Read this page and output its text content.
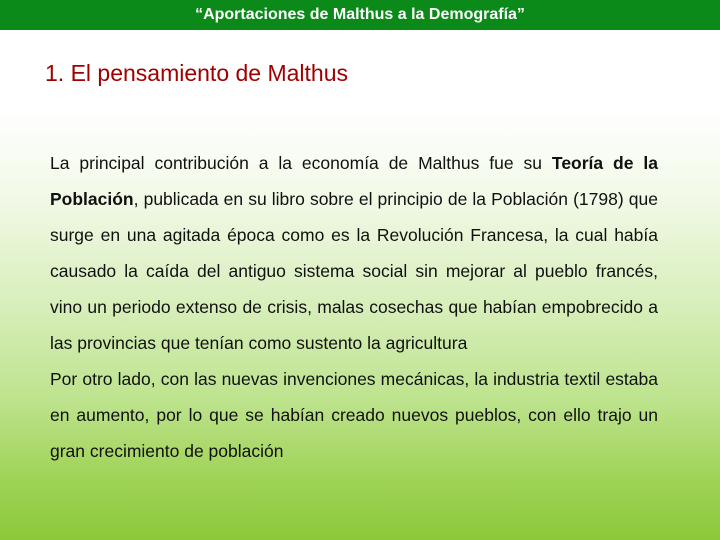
“Aportaciones de Malthus a la Demografía”
1. El pensamiento de Malthus

La principal contribución a la economía de Malthus fue su Teoría de la Población, publicada en su libro sobre el principio de la Población (1798) que surge en una agitada época como es la Revolución Francesa, la cual había causado la caída del antiguo sistema social sin mejorar al pueblo francés, vino un periodo extenso de crisis, malas cosechas que habían empobrecido a las provincias que tenían como sustento la agricultura

Por otro lado, con las nuevas invenciones mecánicas, la industria textil estaba en aumento, por lo que se habían creado nuevos pueblos, con ello trajo un gran crecimiento de población
